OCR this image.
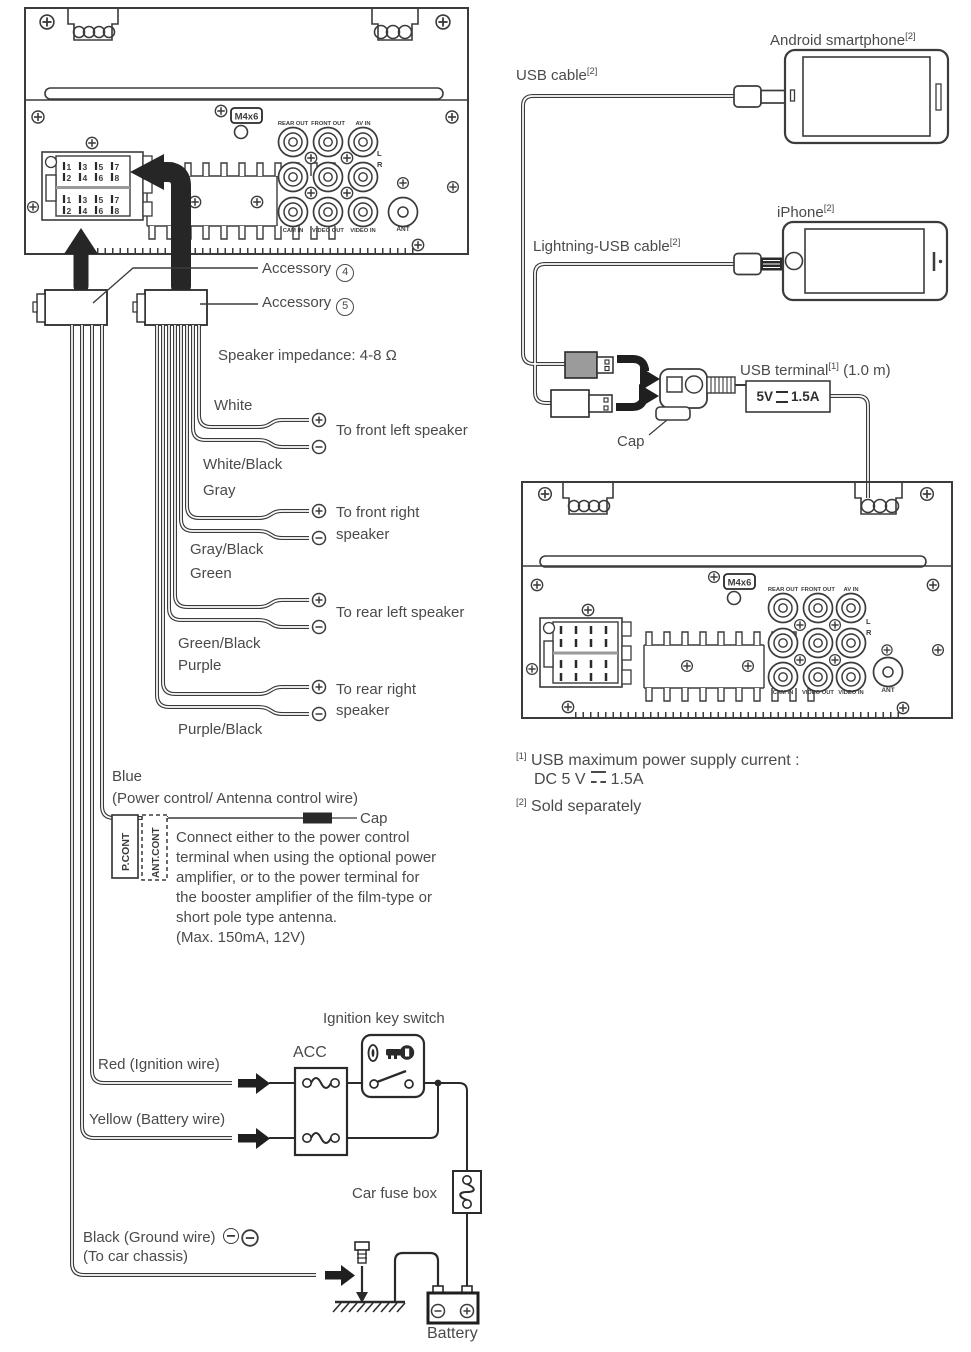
M4x6
REAR OUT FRONT OUT AV IN
L
R
CAM IN VIDEO OUT VIDEO IN	ANT
1 3 5 7
2 4 6 8
1 3 5 7
2 4 6 8
P.CONT ANT.CONT
M4x6
REAR OUT FRONT OUT AV IN
L
R
CAM IN VIDEO OUT VIDEO IN	ANT
Accessory 4
Accessory 5
Speaker impedance: 4-8 Ω
White
To front left speaker
White/Black
Gray
To front right
speaker
Gray/Black
Green
To rear left speaker
Green/Black
Purple
To rear right
speaker
Purple/Black
Blue
(Power control/ Antenna control wire)
Cap
Connect either to the power control
terminal when using the optional power
amplifier, or to the power terminal for
the booster amplifier of the film-type or
short pole type antenna.
(Max. 150mA, 12V)
Ignition key switch
ACC
Red (Ignition wire)
Yellow (Battery wire)
Car fuse box
Black (Ground wire)
(To car chassis)
Battery
USB cable[2]
Android smartphone[2]
iPhone[2]
Lightning-USB cable[2]
USB terminal[1] (1.0 m)
5V 1.5A
Cap
[1] USB maximum power supply current :
DC 5 V 1.5A
[2] Sold separately
